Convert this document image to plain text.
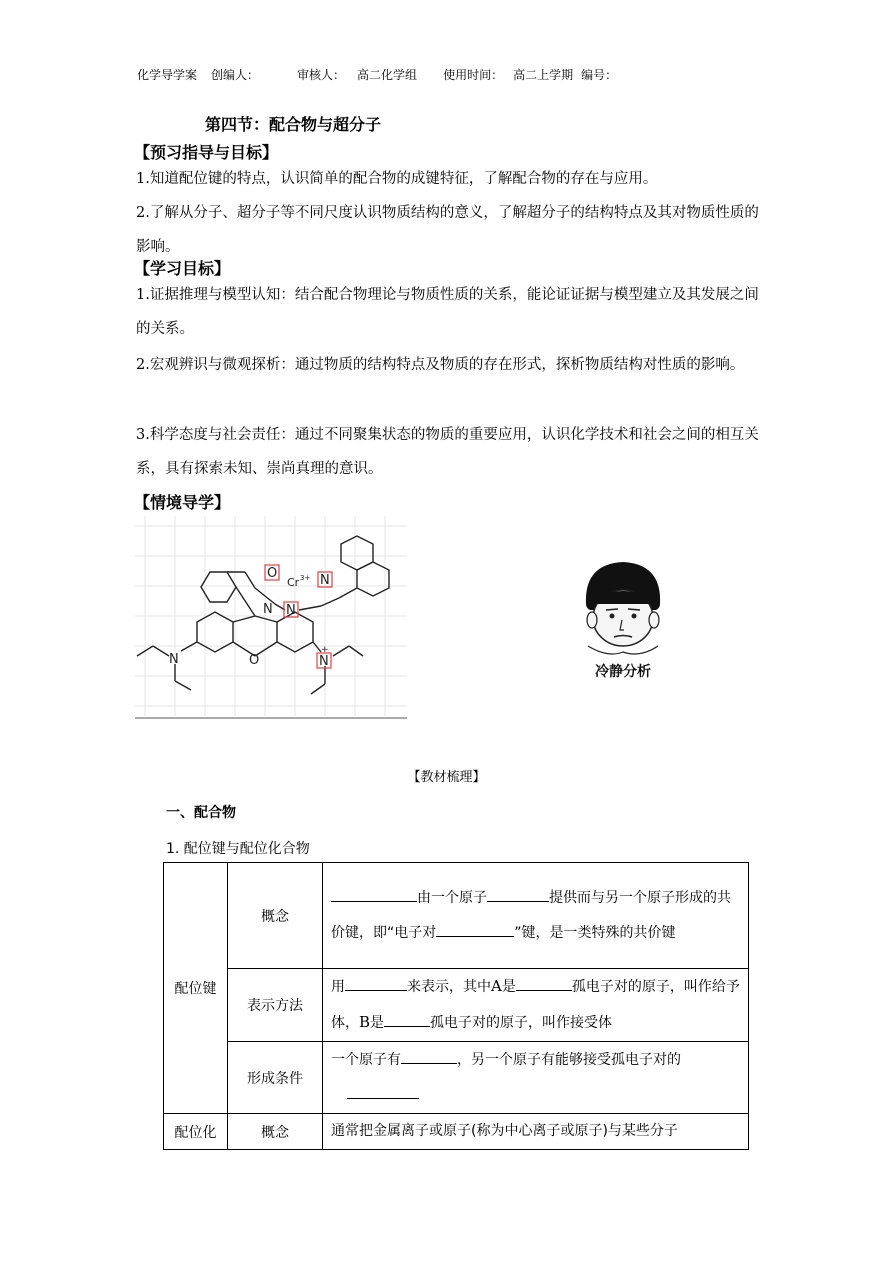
化学导学案 创编人：	审核人： 高二化学组 使用时间： 高二上学期 编号：
第四节：配合物与超分子
【预习指导与目标】
1.知道配位键的特点，认识简单的配合物的成键特征，了解配合物的存在与应用。
2.了解从分子、超分子等不同尺度认识物质结构的意义，了解超分子的结构特点及其对物质性质的影响。
【学习目标】
1.证据推理与模型认知：结合配合物理论与物质性质的关系，能论证证据与模型建立及其发展之间的关系。
2.宏观辨识与微观探析：通过物质的结构特点及物质的存在形式，探析物质结构对性质的影响。
3.科学态度与社会责任：通过不同聚集状态的物质的重要应用，认识化学技术和社会之间的相互关系，具有探索未知、崇尚真理的意识。
【情境导学】
O
Cr 3+ N
N N
N	O	N
+
冷静分析
【教材梳理】
一、配合物
1. 配位键与配位化合物
配位键	概念	由一个原子 提供而与另一个原子形成的共价键，即“电子对 ”键，是一类特殊的共价键
	表示方法	用 来表示，其中A是 孤电子对的原子，叫作给予体，B是 孤电子对的原子，叫作接受体
	形成条件	一个原子有 ，另一个原子有能够接受孤电子对的

配位化	概念	通常把金属离子或原子(称为中心离子或原子)与某些分子
